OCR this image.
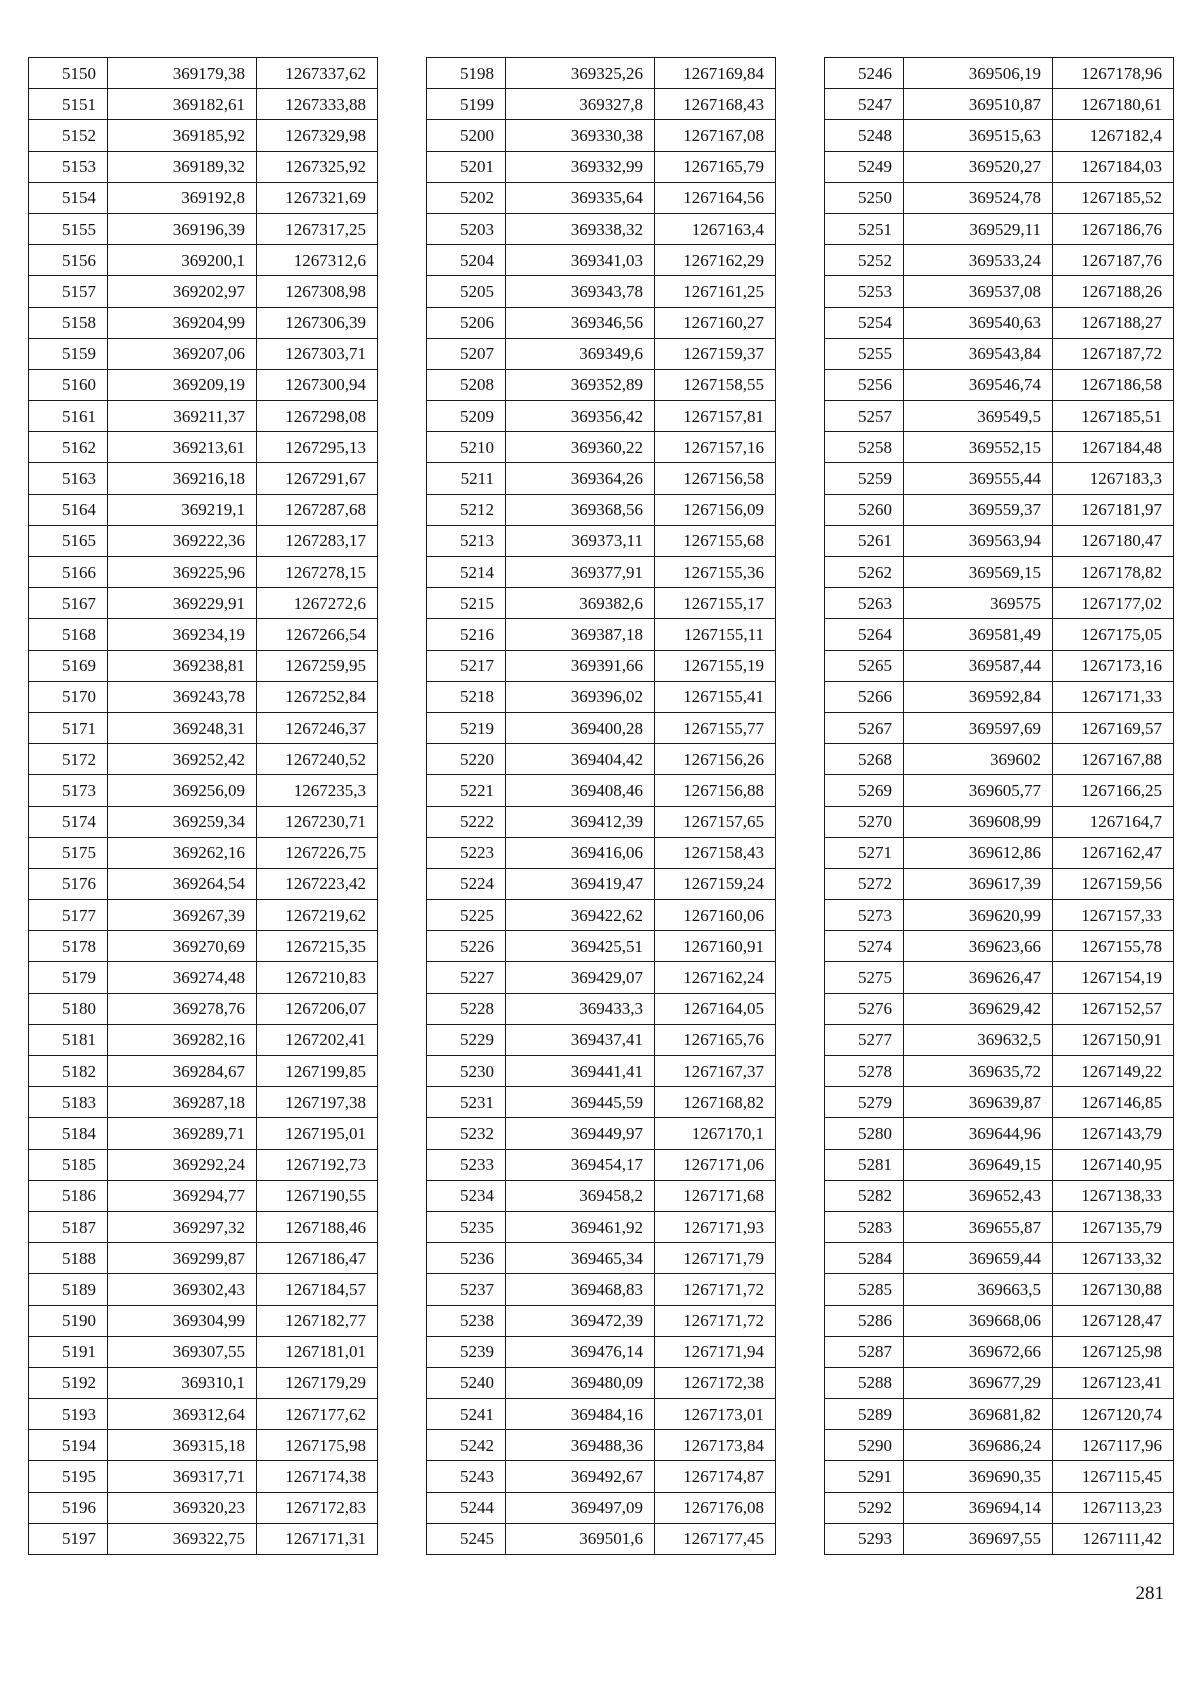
5150	369179,38	1267337,62
5151	369182,61	1267333,88
5152	369185,92	1267329,98
5153	369189,32	1267325,92
5154	369192,8	1267321,69
5155	369196,39	1267317,25
5156	369200,1	1267312,6
5157	369202,97	1267308,98
5158	369204,99	1267306,39
5159	369207,06	1267303,71
5160	369209,19	1267300,94
5161	369211,37	1267298,08
5162	369213,61	1267295,13
5163	369216,18	1267291,67
5164	369219,1	1267287,68
5165	369222,36	1267283,17
5166	369225,96	1267278,15
5167	369229,91	1267272,6
5168	369234,19	1267266,54
5169	369238,81	1267259,95
5170	369243,78	1267252,84
5171	369248,31	1267246,37
5172	369252,42	1267240,52
5173	369256,09	1267235,3
5174	369259,34	1267230,71
5175	369262,16	1267226,75
5176	369264,54	1267223,42
5177	369267,39	1267219,62
5178	369270,69	1267215,35
5179	369274,48	1267210,83
5180	369278,76	1267206,07
5181	369282,16	1267202,41
5182	369284,67	1267199,85
5183	369287,18	1267197,38
5184	369289,71	1267195,01
5185	369292,24	1267192,73
5186	369294,77	1267190,55
5187	369297,32	1267188,46
5188	369299,87	1267186,47
5189	369302,43	1267184,57
5190	369304,99	1267182,77
5191	369307,55	1267181,01
5192	369310,1	1267179,29
5193	369312,64	1267177,62
5194	369315,18	1267175,98
5195	369317,71	1267174,38
5196	369320,23	1267172,83
5197	369322,75	1267171,31
5198	369325,26	1267169,84
5199	369327,8	1267168,43
5200	369330,38	1267167,08
5201	369332,99	1267165,79
5202	369335,64	1267164,56
5203	369338,32	1267163,4
5204	369341,03	1267162,29
5205	369343,78	1267161,25
5206	369346,56	1267160,27
5207	369349,6	1267159,37
5208	369352,89	1267158,55
5209	369356,42	1267157,81
5210	369360,22	1267157,16
5211	369364,26	1267156,58
5212	369368,56	1267156,09
5213	369373,11	1267155,68
5214	369377,91	1267155,36
5215	369382,6	1267155,17
5216	369387,18	1267155,11
5217	369391,66	1267155,19
5218	369396,02	1267155,41
5219	369400,28	1267155,77
5220	369404,42	1267156,26
5221	369408,46	1267156,88
5222	369412,39	1267157,65
5223	369416,06	1267158,43
5224	369419,47	1267159,24
5225	369422,62	1267160,06
5226	369425,51	1267160,91
5227	369429,07	1267162,24
5228	369433,3	1267164,05
5229	369437,41	1267165,76
5230	369441,41	1267167,37
5231	369445,59	1267168,82
5232	369449,97	1267170,1
5233	369454,17	1267171,06
5234	369458,2	1267171,68
5235	369461,92	1267171,93
5236	369465,34	1267171,79
5237	369468,83	1267171,72
5238	369472,39	1267171,72
5239	369476,14	1267171,94
5240	369480,09	1267172,38
5241	369484,16	1267173,01
5242	369488,36	1267173,84
5243	369492,67	1267174,87
5244	369497,09	1267176,08
5245	369501,6	1267177,45
5246	369506,19	1267178,96
5247	369510,87	1267180,61
5248	369515,63	1267182,4
5249	369520,27	1267184,03
5250	369524,78	1267185,52
5251	369529,11	1267186,76
5252	369533,24	1267187,76
5253	369537,08	1267188,26
5254	369540,63	1267188,27
5255	369543,84	1267187,72
5256	369546,74	1267186,58
5257	369549,5	1267185,51
5258	369552,15	1267184,48
5259	369555,44	1267183,3
5260	369559,37	1267181,97
5261	369563,94	1267180,47
5262	369569,15	1267178,82
5263	369575	1267177,02
5264	369581,49	1267175,05
5265	369587,44	1267173,16
5266	369592,84	1267171,33
5267	369597,69	1267169,57
5268	369602	1267167,88
5269	369605,77	1267166,25
5270	369608,99	1267164,7
5271	369612,86	1267162,47
5272	369617,39	1267159,56
5273	369620,99	1267157,33
5274	369623,66	1267155,78
5275	369626,47	1267154,19
5276	369629,42	1267152,57
5277	369632,5	1267150,91
5278	369635,72	1267149,22
5279	369639,87	1267146,85
5280	369644,96	1267143,79
5281	369649,15	1267140,95
5282	369652,43	1267138,33
5283	369655,87	1267135,79
5284	369659,44	1267133,32
5285	369663,5	1267130,88
5286	369668,06	1267128,47
5287	369672,66	1267125,98
5288	369677,29	1267123,41
5289	369681,82	1267120,74
5290	369686,24	1267117,96
5291	369690,35	1267115,45
5292	369694,14	1267113,23
5293	369697,55	1267111,42
281
